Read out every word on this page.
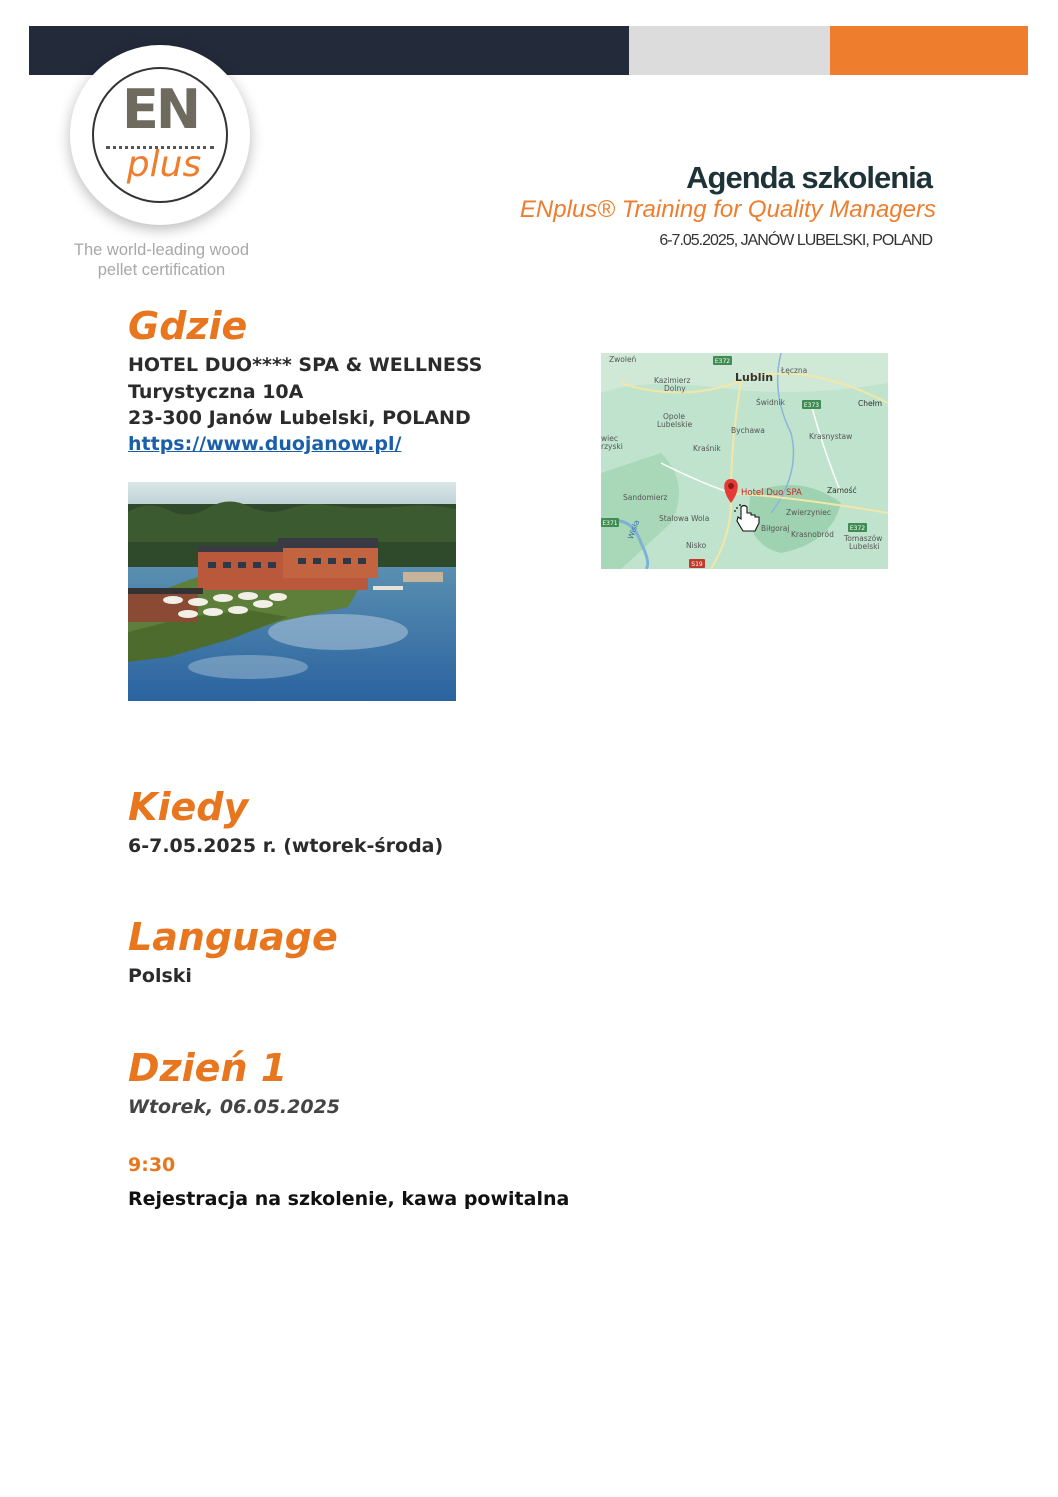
EN
plus
The world-leading wood
pellet certification
Agenda szkolenia
ENplus® Training for Quality Managers
6-7.05.2025, JANÓW LUBELSKI, POLAND
Gdzie
HOTEL DUO**** SPA & WELLNESS
Turystyczna 10A
23-300 Janów Lubelski, POLAND
https://www.duojanow.pl/
Zwoleń
Lublin
Łęczna
Kazimierz
Dolny
Świdnik	Chełm
Opole
Lubelskie
Bychawa
Krasnystaw
wiec
rzyski	Kraśnik
Sandomierz
Zamość
Stalowa Wola
Zwierzyniec
Biłgoraj
Krasnobród
Nisko
Tomaszów
Lubelski
Wisła
E372
E373
E371
E372
S19
Hotel Duo SPA
Kiedy
6-7.05.2025 r. (wtorek-środa)
Language
Polski
Dzień 1
Wtorek, 06.05.2025
9:30
Rejestracja na szkolenie, kawa powitalna
